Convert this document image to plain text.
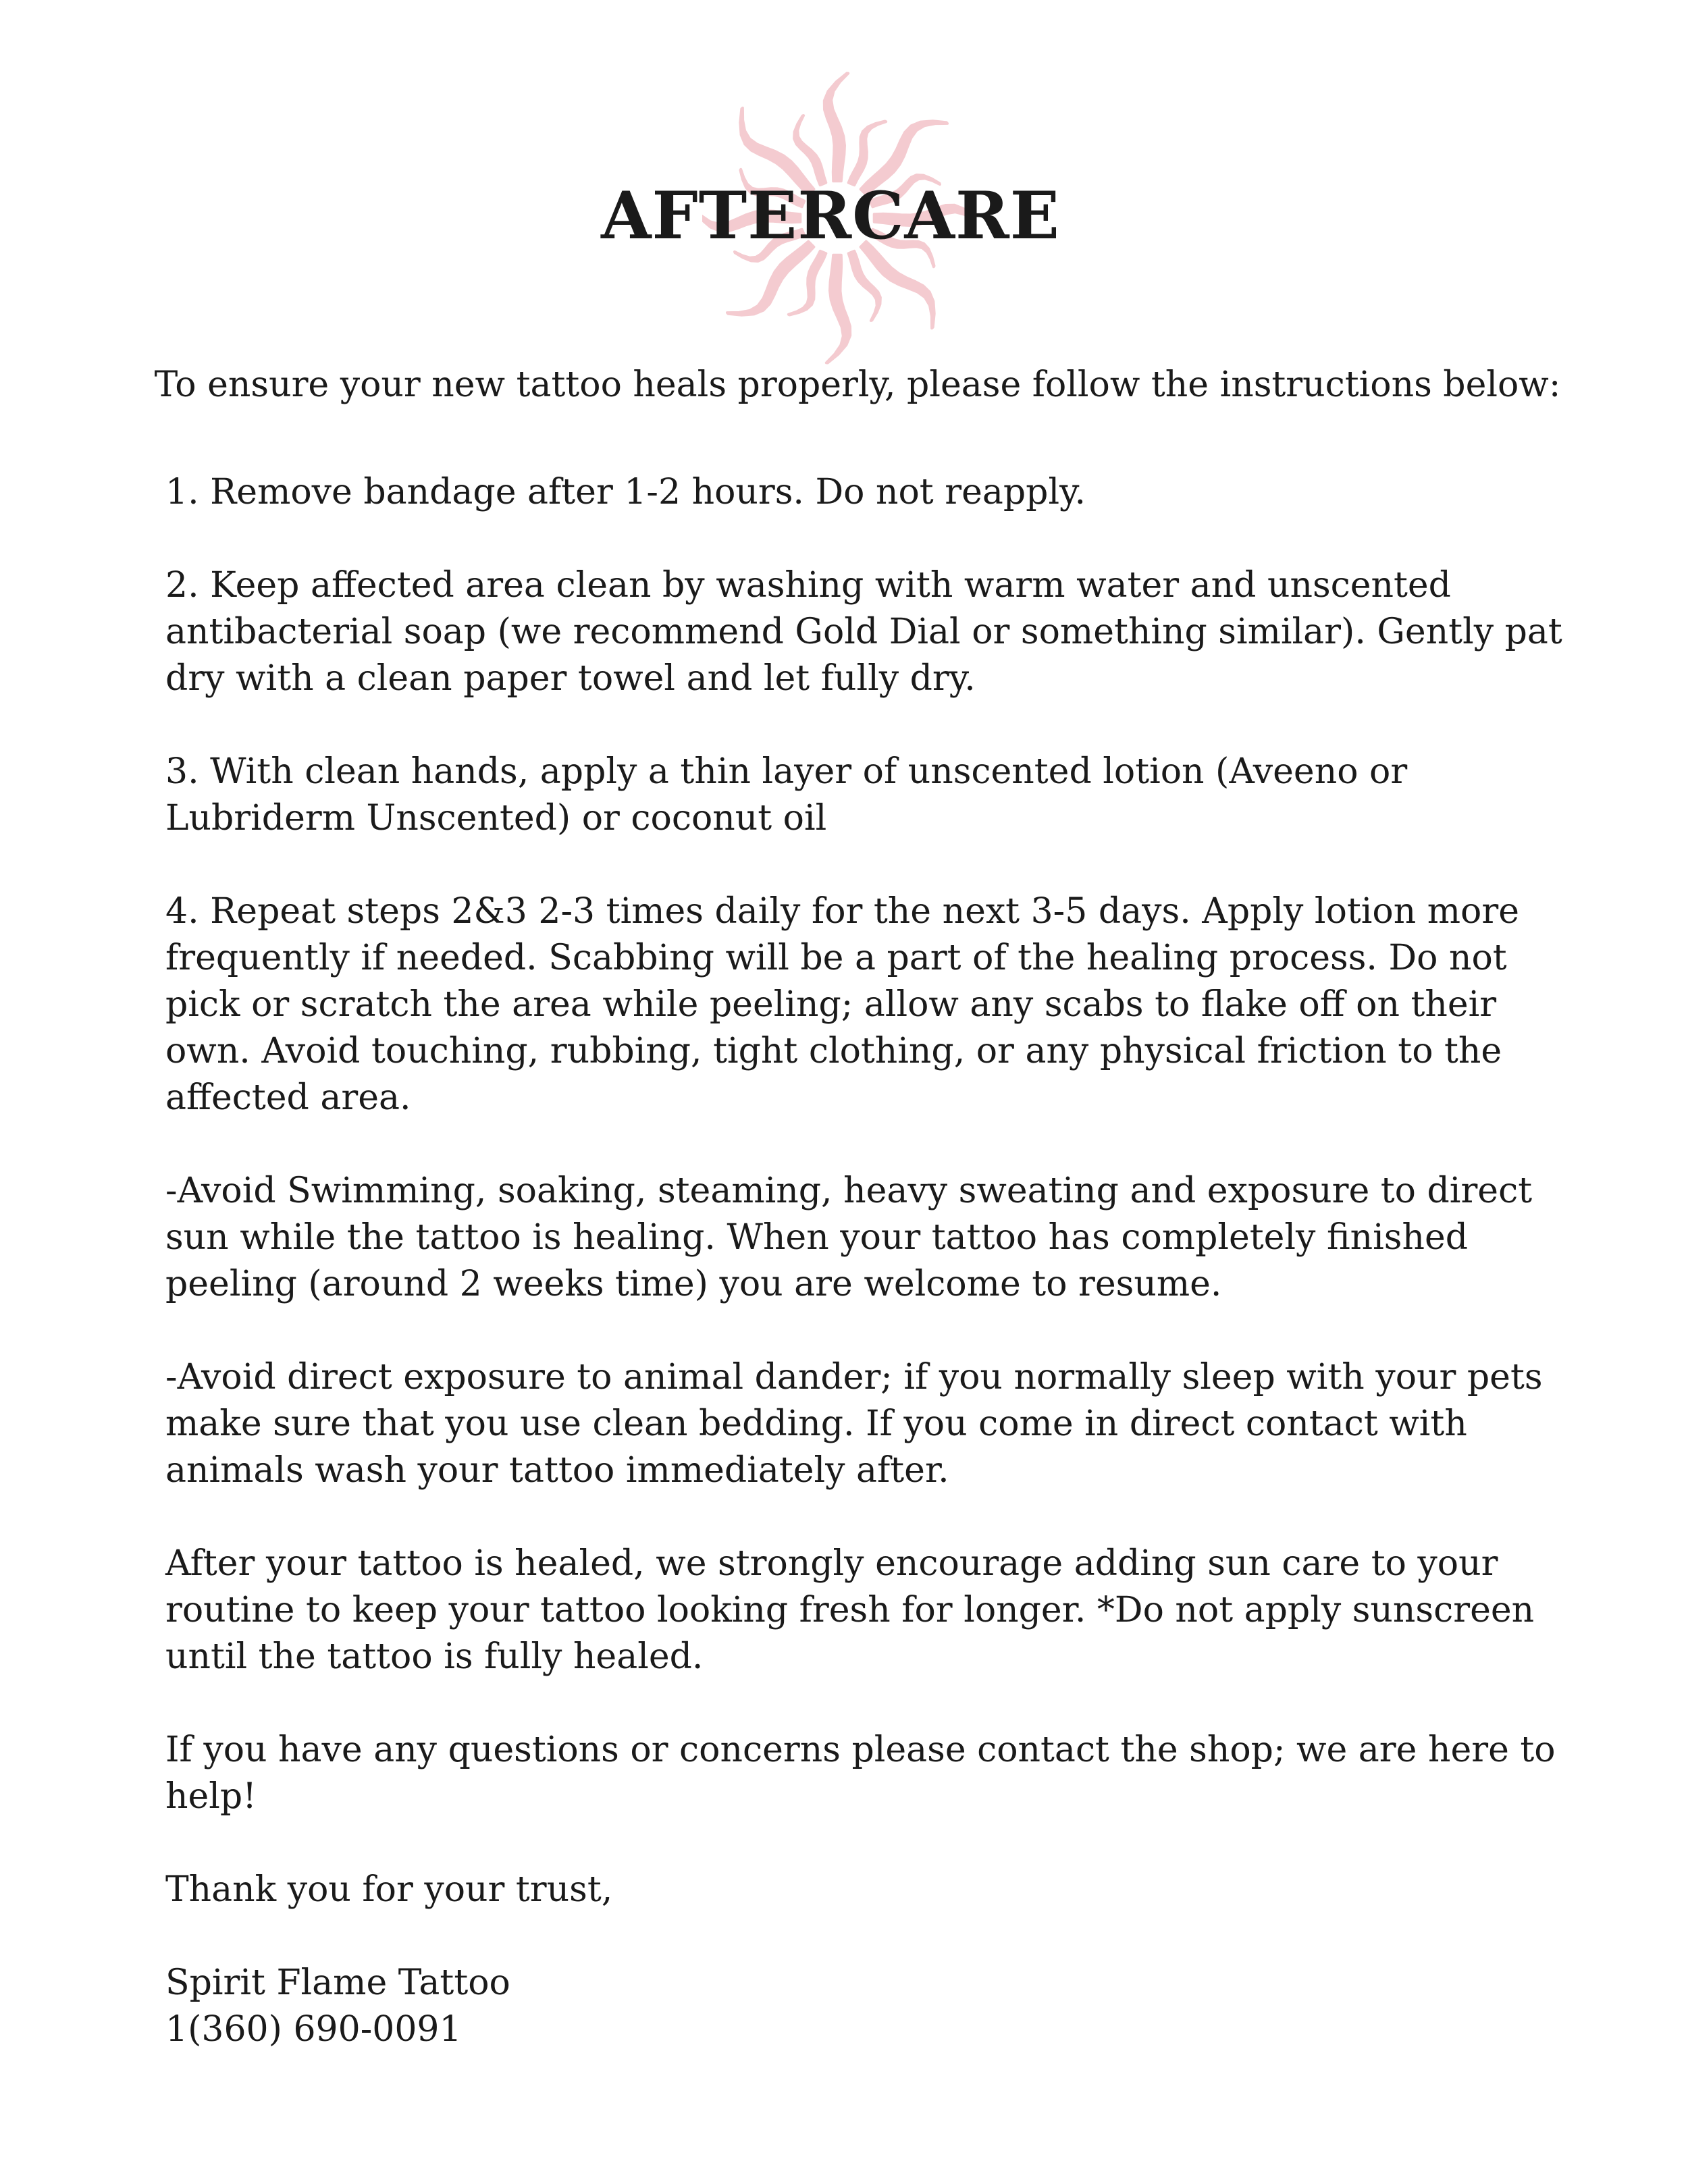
AFTERCARE

To ensure your new tattoo heals properly, please follow the instructions below:

1. Remove bandage after 1-2 hours. Do not reapply.

2. Keep affected area clean by washing with warm water and unscented antibacterial soap (we recommend Gold Dial or something similar). Gently pat dry with a clean paper towel and let fully dry.

3. With clean hands, apply a thin layer of unscented lotion (Aveeno or Lubriderm Unscented) or coconut oil

4. Repeat steps 2&3 2-3 times daily for the next 3-5 days. Apply lotion more frequently if needed. Scabbing will be a part of the healing process. Do not pick or scratch the area while peeling; allow any scabs to flake off on their own. Avoid touching, rubbing, tight clothing, or any physical friction to the affected area.

-Avoid Swimming, soaking, steaming, heavy sweating and exposure to direct sun while the tattoo is healing. When your tattoo has completely finished peeling (around 2 weeks time) you are welcome to resume.

-Avoid direct exposure to animal dander; if you normally sleep with your pets make sure that you use clean bedding. If you come in direct contact with animals wash your tattoo immediately after.

After your tattoo is healed, we strongly encourage adding sun care to your routine to keep your tattoo looking fresh for longer. *Do not apply sunscreen until the tattoo is fully healed.

If you have any questions or concerns please contact the shop; we are here to help!

Thank you for your trust,

Spirit Flame Tattoo
1(360) 690-0091
